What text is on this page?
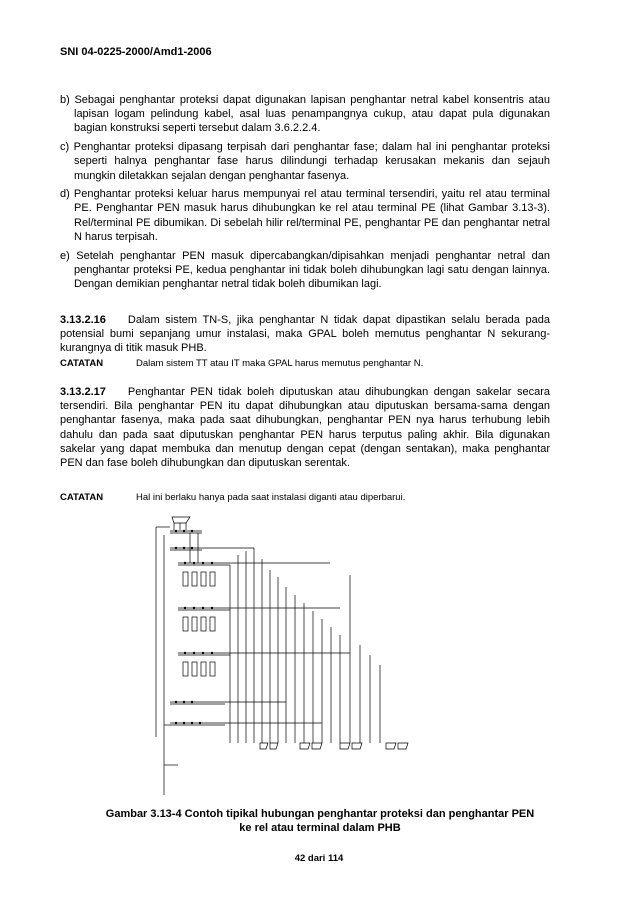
SNI 04-0225-2000/Amd1-2006
b) Sebagai penghantar proteksi dapat digunakan lapisan penghantar netral kabel konsentris atau lapisan logam pelindung kabel, asal luas penampangnya cukup, atau dapat pula digunakan bagian konstruksi seperti tersebut dalam 3.6.2.2.4.
c) Penghantar proteksi dipasang terpisah dari penghantar fase; dalam hal ini penghantar proteksi seperti halnya penghantar fase harus dilindungi terhadap kerusakan mekanis dan sejauh mungkin diletakkan sejalan dengan penghantar fasenya.
d) Penghantar proteksi keluar harus mempunyai rel atau terminal tersendiri, yaitu rel atau terminal PE. Penghantar PEN masuk harus dihubungkan ke rel atau terminal PE (lihat Gambar 3.13-3). Rel/terminal PE dibumikan. Di sebelah hilir rel/terminal PE, penghantar PE dan penghantar netral N harus terpisah.
e) Setelah penghantar PEN masuk dipercabangkan/dipisahkan menjadi penghantar netral dan penghantar proteksi PE, kedua penghantar ini tidak boleh dihubungkan lagi satu dengan lainnya. Dengan demikian penghantar netral tidak boleh dibumikan lagi.
3.13.2.16 Dalam sistem TN-S, jika penghantar N tidak dapat dipastikan selalu berada pada potensial bumi sepanjang umur instalasi, maka GPAL boleh memutus penghantar N sekurang-kurangnya di titik masuk PHB.
CATATAN	Dalam sistem TT atau IT maka GPAL harus memutus penghantar N.
3.13.2.17 Penghantar PEN tidak boleh diputuskan atau dihubungkan dengan sakelar secara tersendiri. Bila penghantar PEN itu dapat dihubungkan atau diputuskan bersama-sama dengan penghantar fasenya, maka pada saat dihubungkan, penghantar PEN nya harus terhubung lebih dahulu dan pada saat diputuskan penghantar PEN harus terputus paling akhir. Bila digunakan sakelar yang dapat membuka dan menutup dengan cepat (dengan sentakan), maka penghantar PEN dan fase boleh dihubungkan dan diputuskan serentak.
CATATAN	Hal ini berlaku hanya pada saat instalasi diganti atau diperbarui.
Gambar 3.13-4 Contoh tipikal hubungan penghantar proteksi dan penghantar PEN
ke rel atau terminal dalam PHB
42 dari 114
